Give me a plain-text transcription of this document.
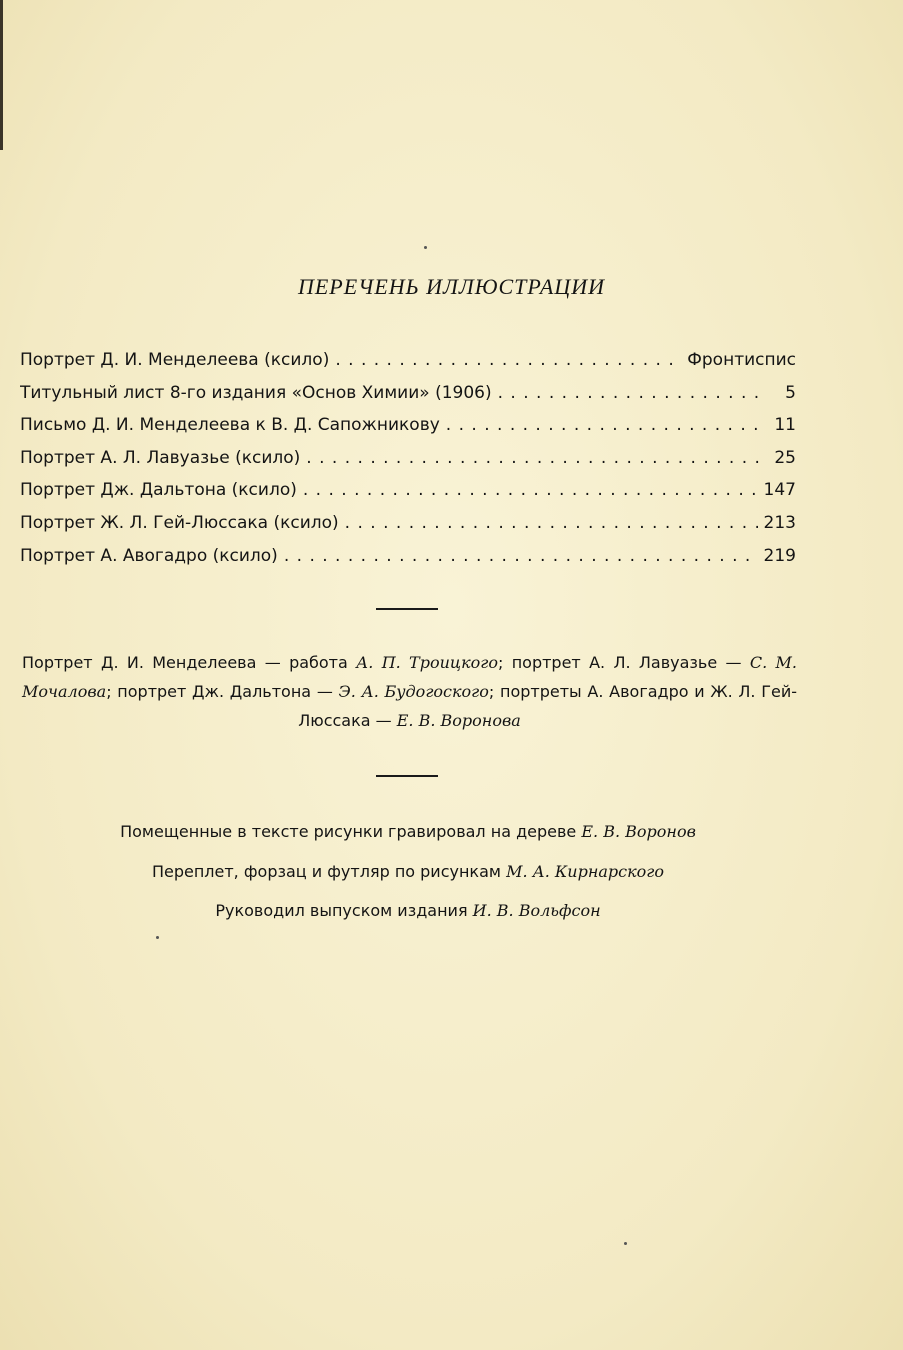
ПЕРЕЧЕНЬ ИЛЛЮСТРАЦИИ
Портрет Д. И. Менделеева (ксило) . . .	Фронтиспис
Титульный лист 8-го издания «Основ Химии» (1906) . . .	5
Письмо Д. И. Менделеева к В. Д. Сапожникову . . .	11
Портрет А. Л. Лавуазье (ксило) . . .	25
Портрет Дж. Дальтона (ксило) . . .	147
Портрет Ж. Л. Гей-Люссака (ксило) . . .	213
Портрет А. Авогадро (ксило) . . .	219
Портрет Д. И. Менделеева — работа А. П. Троицкого; портрет А. Л. Лавуазье — С. М. Мочалова; портрет Дж. Дальтона — Э. А. Будогоского; портреты А. Авогадро и Ж. Л. Гей-Люссака — Е. В. Воронова
Помещенные в тексте рисунки гравировал на дереве Е. В. Воронов
Переплет, форзац и футляр по рисункам М. А. Кирнарского
Руководил выпуском издания И. В. Вольфсон
